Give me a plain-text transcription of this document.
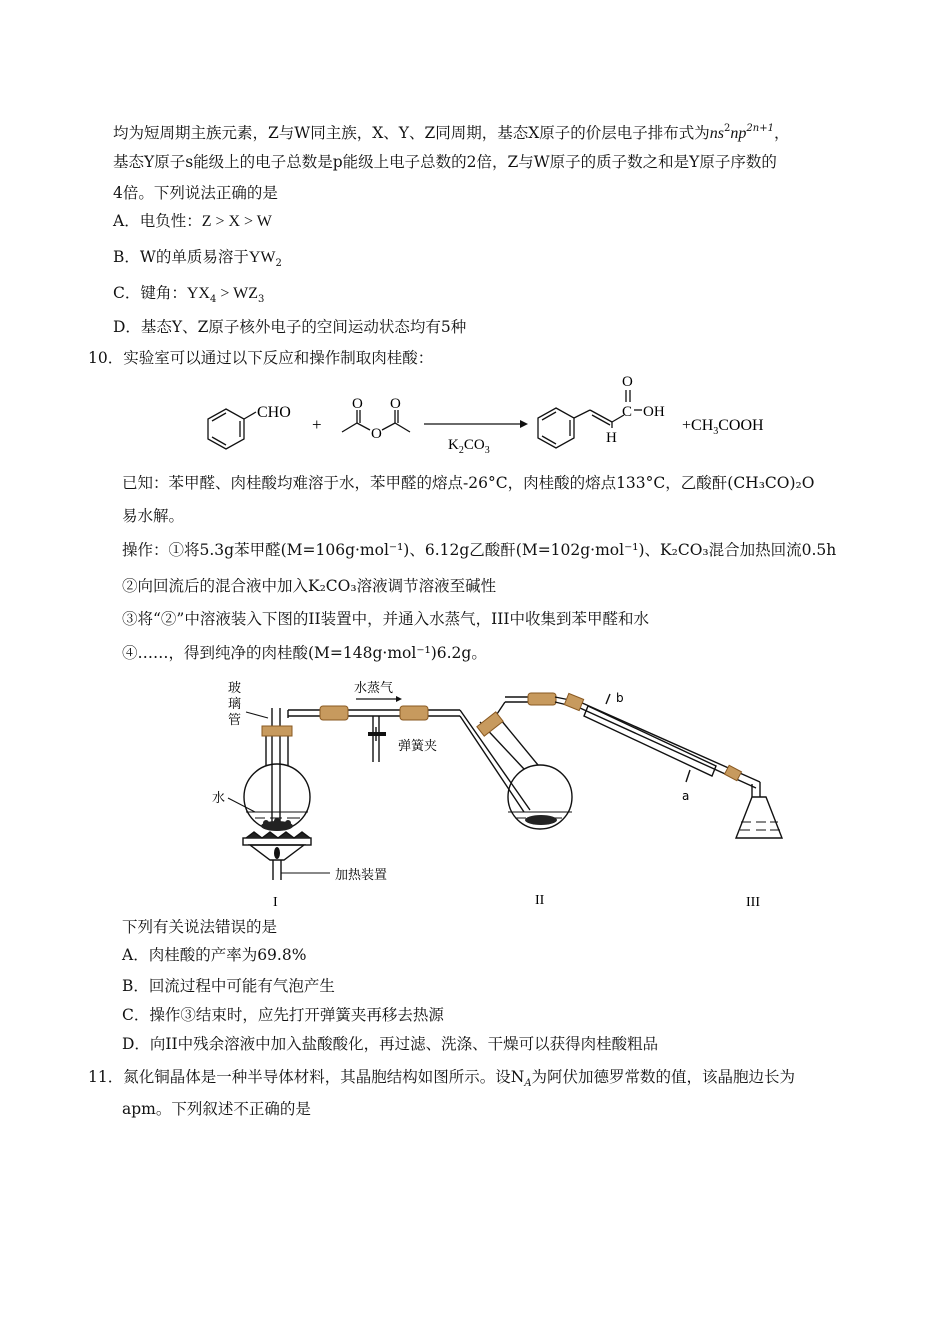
均为短周期主族元素，Z与W同主族，X、Y、Z同周期，基态X原子的价层电子排布式为$ns^2np^{2n+1}$，
基态Y原子s能级上的电子总数是p能级上电子总数的2倍，Z与W原子的质子数之和是Y原子序数的
4倍。下列说法正确的是
A．电负性：Z > X > W
B．W的单质易溶于$YW_2$
C．键角：$YX_4 > WZ_3$
D．基态Y、Z原子核外电子的空间运动状态均有5种
10．实验室可以通过以下反应和操作制取肉桂酸：
CHO
+
O O
O
$K_2CO_3$
O
C OH
H
$+CH_3COOH$
已知：苯甲醛、肉桂酸均难溶于水，苯甲醛的熔点-26°C，肉桂酸的熔点133°C，乙酸酐(CH₃CO)₂O
易水解。
操作：①将5.3g苯甲醛(M=106g·mol⁻¹)、6.12g乙酸酐(M=102g·mol⁻¹)、K₂CO₃混合加热回流0.5h
②向回流后的混合液中加入K₂CO₃溶液调节溶液至碱性
③将“②”中溶液装入下图的II装置中，并通入水蒸气，III中收集到苯甲醛和水
④……，得到纯净的肉桂酸(M=148g·mol⁻¹)6.2g。
玻
璃
管
水
水蒸气
弹簧夹
b
a
加热装置
I	II	III
下列有关说法错误的是
A．肉桂酸的产率为69.8%
B．回流过程中可能有气泡产生
C．操作③结束时，应先打开弹簧夹再移去热源
D．向II中残余溶液中加入盐酸酸化，再过滤、洗涤、干燥可以获得肉桂酸粗品
11．氮化铜晶体是一种半导体材料，其晶胞结构如图所示。设$N_A$为阿伏加德罗常数的值，该晶胞边长为
apm。下列叙述不正确的是
